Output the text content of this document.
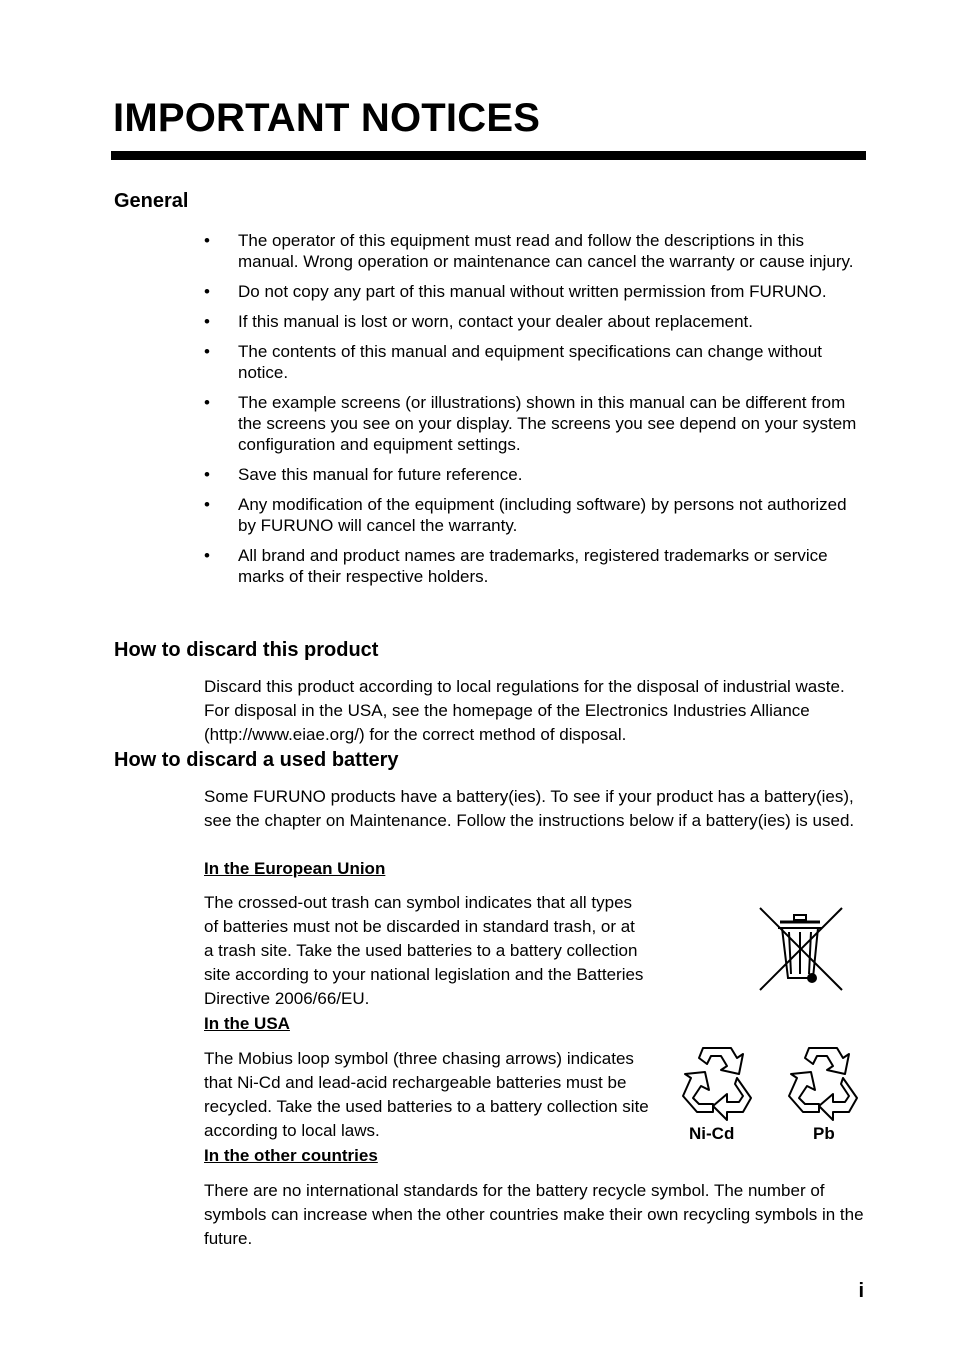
IMPORTANT NOTICES
General
• The operator of this equipment must read and follow the descriptions in this manual. Wrong operation or maintenance can cancel the warranty or cause injury.
• Do not copy any part of this manual without written permission from FURUNO.
• If this manual is lost or worn, contact your dealer about replacement.
• The contents of this manual and equipment specifications can change without notice.
• The example screens (or illustrations) shown in this manual can be different from the screens you see on your display. The screens you see depend on your system configuration and equipment settings.
• Save this manual for future reference.
• Any modification of the equipment (including software) by persons not authorized by FURUNO will cancel the warranty.
• All brand and product names are trademarks, registered trademarks or service marks of their respective holders.
How to discard this product

Discard this product according to local regulations for the disposal of industrial waste. For disposal in the USA, see the homepage of the Electronics Industries Alliance (http://www.eiae.org/) for the correct method of disposal.

How to discard a used battery

Some FURUNO products have a battery(ies). To see if your product has a battery(ies), see the chapter on Maintenance. Follow the instructions below if a battery(ies) is used.

In the European Union

The crossed-out trash can symbol indicates that all types of batteries must not be discarded in standard trash, or at a trash site. Take the used batteries to a battery collection site according to your national legislation and the Batteries Directive 2006/66/EU.

In the USA

The Mobius loop symbol (three chasing arrows) indicates that Ni-Cd and lead-acid rechargeable batteries must be recycled. Take the used batteries to a battery collection site according to local laws.	Ni-Cd	Pb

In the other countries

There are no international standards for the battery recycle symbol. The number of symbols can increase when the other countries make their own recycling symbols in the future.

i
